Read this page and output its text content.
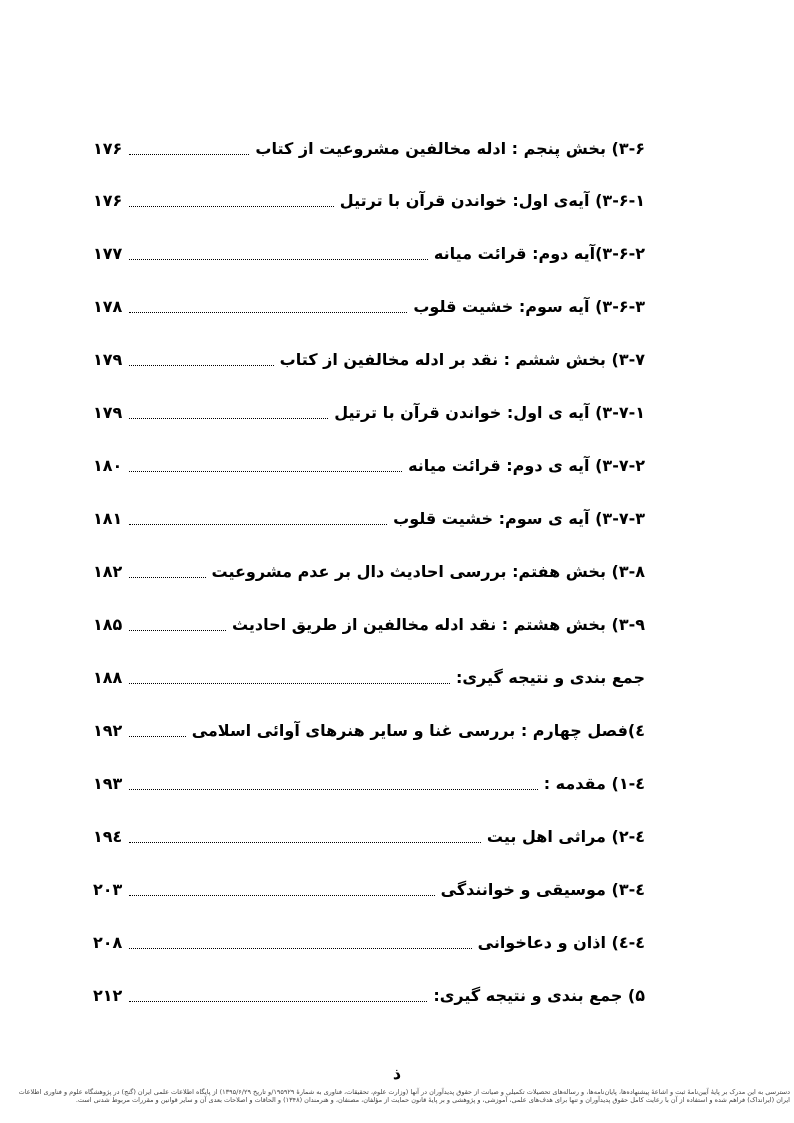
۳-۶) بخش پنجم : ادله مخالفین مشروعیت از کتاب
۱۷۶
۳-۶-۱) آیه‌ی اول: خواندن قرآن با ترتیل
۱۷۶
۳-۶-۲)آیه دوم: قرائت میانه
۱۷۷
۳-۶-۳) آیه سوم: خشیت قلوب
۱۷۸
۳-۷) بخش ششم : نقد بر ادله مخالفین از کتاب
۱۷۹
۳-۷-۱) آیه ی اول: خواندن قرآن با ترتیل
۱۷۹
۳-۷-۲) آیه ی دوم: قرائت میانه
۱۸۰
۳-۷-۳) آیه ی سوم: خشیت قلوب
۱۸۱
۳-۸) بخش هفتم: بررسی احادیث دال بر عدم مشروعیت
۱۸۲
۳-۹) بخش هشتم : نقد ادله مخالفین از طریق احادیث
۱۸۵
جمع بندی و نتیجه گیری:
۱۸۸
٤)فصل چهارم : بررسی غنا و سایر هنرهای آوائی اسلامی
۱۹۲
٤-۱) مقدمه :
۱۹۳
٤-۲) مراثی اهل بیت
۱۹٤
٤-۳) موسیقی و خوانندگی
۲۰۳
٤-٤) اذان و دعاخوانی
۲۰۸
۵) جمع بندی و نتیجه گیری:
۲۱۲
ذ
دسترسی به این مدرک بر پایهٔ آیین‌نامهٔ ثبت و اشاعهٔ پیشنهاده‌ها، پایان‌نامه‌ها، و رساله‌های تحصیلات تکمیلی و صیانت از حقوق پدیدآوران در آنها (وزارت علوم، تحقیقات، فناوری به شمارهٔ ۱۹۵۹۲۹/و تاریخ ۱۳۹۵/۶/۲۹) از پایگاه اطلاعات علمی ایران (گنج) در پژوهشگاه علوم و فناوری اطلاعات ایران (ایرانداک) فراهم شده و استفاده از آن با رعایت کامل حقوق پدیدآوران و تنها برای هدف‌های علمی، آموزشی، و پژوهشی و بر پایهٔ قانون حمایت از مؤلفان، مصنفان، و هنرمندان (۱۳۴۸) و الحاقات و اصلاحات بعدی آن و سایر قوانین و مقررات مربوط شدنی است.
